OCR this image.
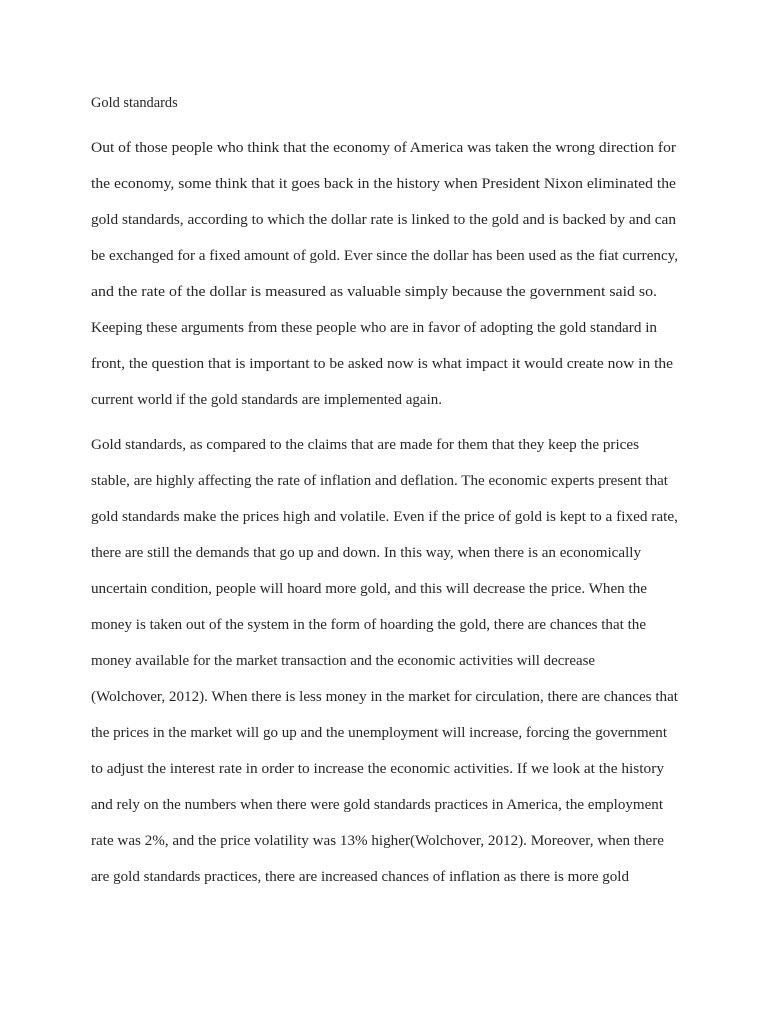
Gold standards

Out of those people who think that the economy of America was taken the wrong direction for

the economy, some think that it goes back in the history when President Nixon eliminated the

gold standards, according to which the dollar rate is linked to the gold and is backed by and can

be exchanged for a fixed amount of gold. Ever since the dollar has been used as the fiat currency,

and the rate of the dollar is measured as valuable simply because the government said so.

Keeping these arguments from these people who are in favor of adopting the gold standard in

front, the question that is important to be asked now is what impact it would create now in the

current world if the gold standards are implemented again.

Gold standards, as compared to the claims that are made for them that they keep the prices

stable, are highly affecting the rate of inflation and deflation. The economic experts present that

gold standards make the prices high and volatile. Even if the price of gold is kept to a fixed rate,

there are still the demands that go up and down. In this way, when there is an economically

uncertain condition, people will hoard more gold, and this will decrease the price. When the

money is taken out of the system in the form of hoarding the gold, there are chances that the

money available for the market transaction and the economic activities will decrease

(Wolchover, 2012). When there is less money in the market for circulation, there are chances that

the prices in the market will go up and the unemployment will increase, forcing the government

to adjust the interest rate in order to increase the economic activities. If we look at the history

and rely on the numbers when there were gold standards practices in America, the employment

rate was 2%, and the price volatility was 13% higher(Wolchover, 2012). Moreover, when there

are gold standards practices, there are increased chances of inflation as there is more gold
